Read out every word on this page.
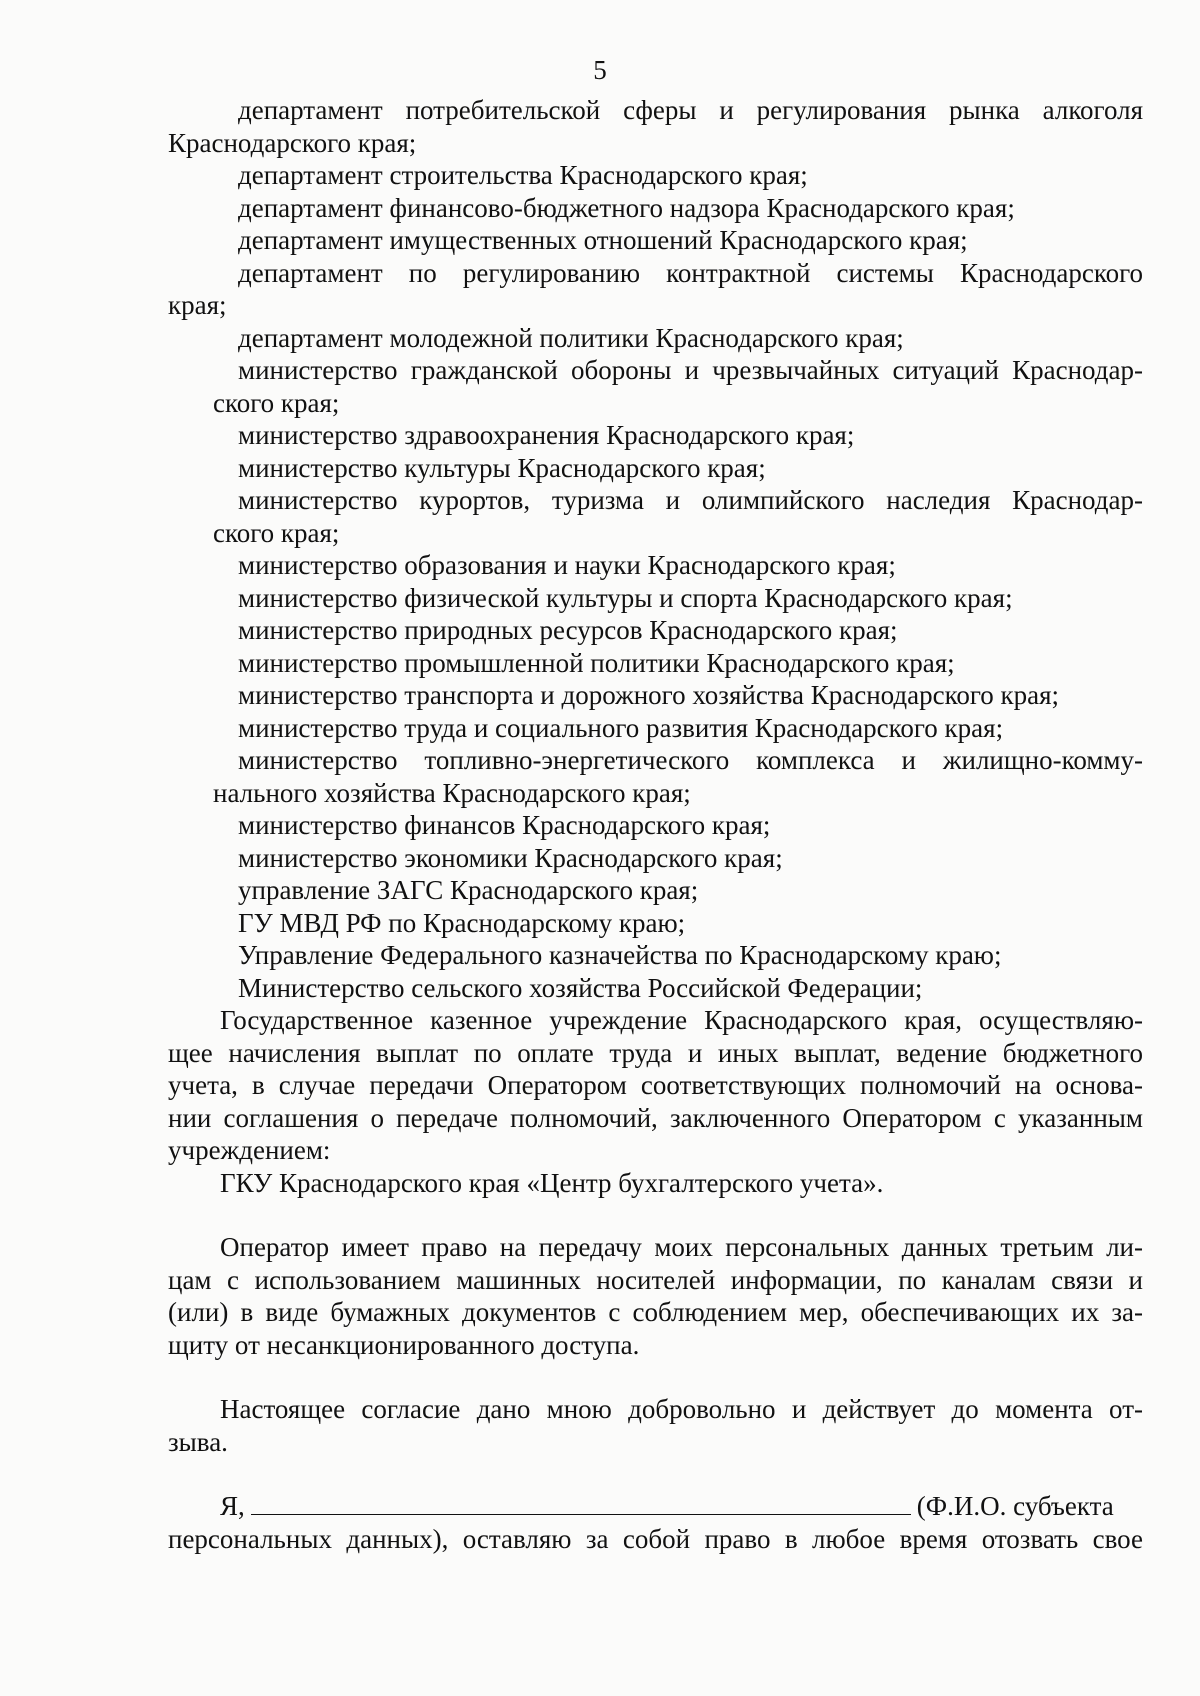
5
департамент потребительской сферы и регулирования рынка алкоголя
Краснодарского края;
департамент строительства Краснодарского края;
департамент финансово-бюджетного надзора Краснодарского края;
департамент имущественных отношений Краснодарского края;
департамент по регулированию контрактной системы Краснодарского
края;
департамент молодежной политики Краснодарского края;
министерство гражданской обороны и чрезвычайных ситуаций Краснодар-
ского края;
министерство здравоохранения Краснодарского края;
министерство культуры Краснодарского края;
министерство курортов, туризма и олимпийского наследия Краснодар-
ского края;
министерство образования и науки Краснодарского края;
министерство физической культуры и спорта Краснодарского края;
министерство природных ресурсов Краснодарского края;
министерство промышленной политики Краснодарского края;
министерство транспорта и дорожного хозяйства Краснодарского края;
министерство труда и социального развития Краснодарского края;
министерство топливно-энергетического комплекса и жилищно-комму-
нального хозяйства Краснодарского края;
министерство финансов Краснодарского края;
министерство экономики Краснодарского края;
управление ЗАГС Краснодарского края;
ГУ МВД РФ по Краснодарскому краю;
Управление Федерального казначейства по Краснодарскому краю;
Министерство сельского хозяйства Российской Федерации;
Государственное казенное учреждение Краснодарского края, осуществляю-
щее начисления выплат по оплате труда и иных выплат, ведение бюджетного
учета, в случае передачи Оператором соответствующих полномочий на основа-
нии соглашения о передаче полномочий, заключенного Оператором с указанным
учреждением:
ГКУ Краснодарского края «Центр бухгалтерского учета».
Оператор имеет право на передачу моих персональных данных третьим ли-
цам с использованием машинных носителей информации, по каналам связи и
(или) в виде бумажных документов с соблюдением мер, обеспечивающих их за-
щиту от несанкционированного доступа.
Настоящее согласие дано мною добровольно и действует до момента от-
зыва.
Я,	(Ф.И.О. субъекта
персональных данных), оставляю за собой право в любое время отозвать свое
